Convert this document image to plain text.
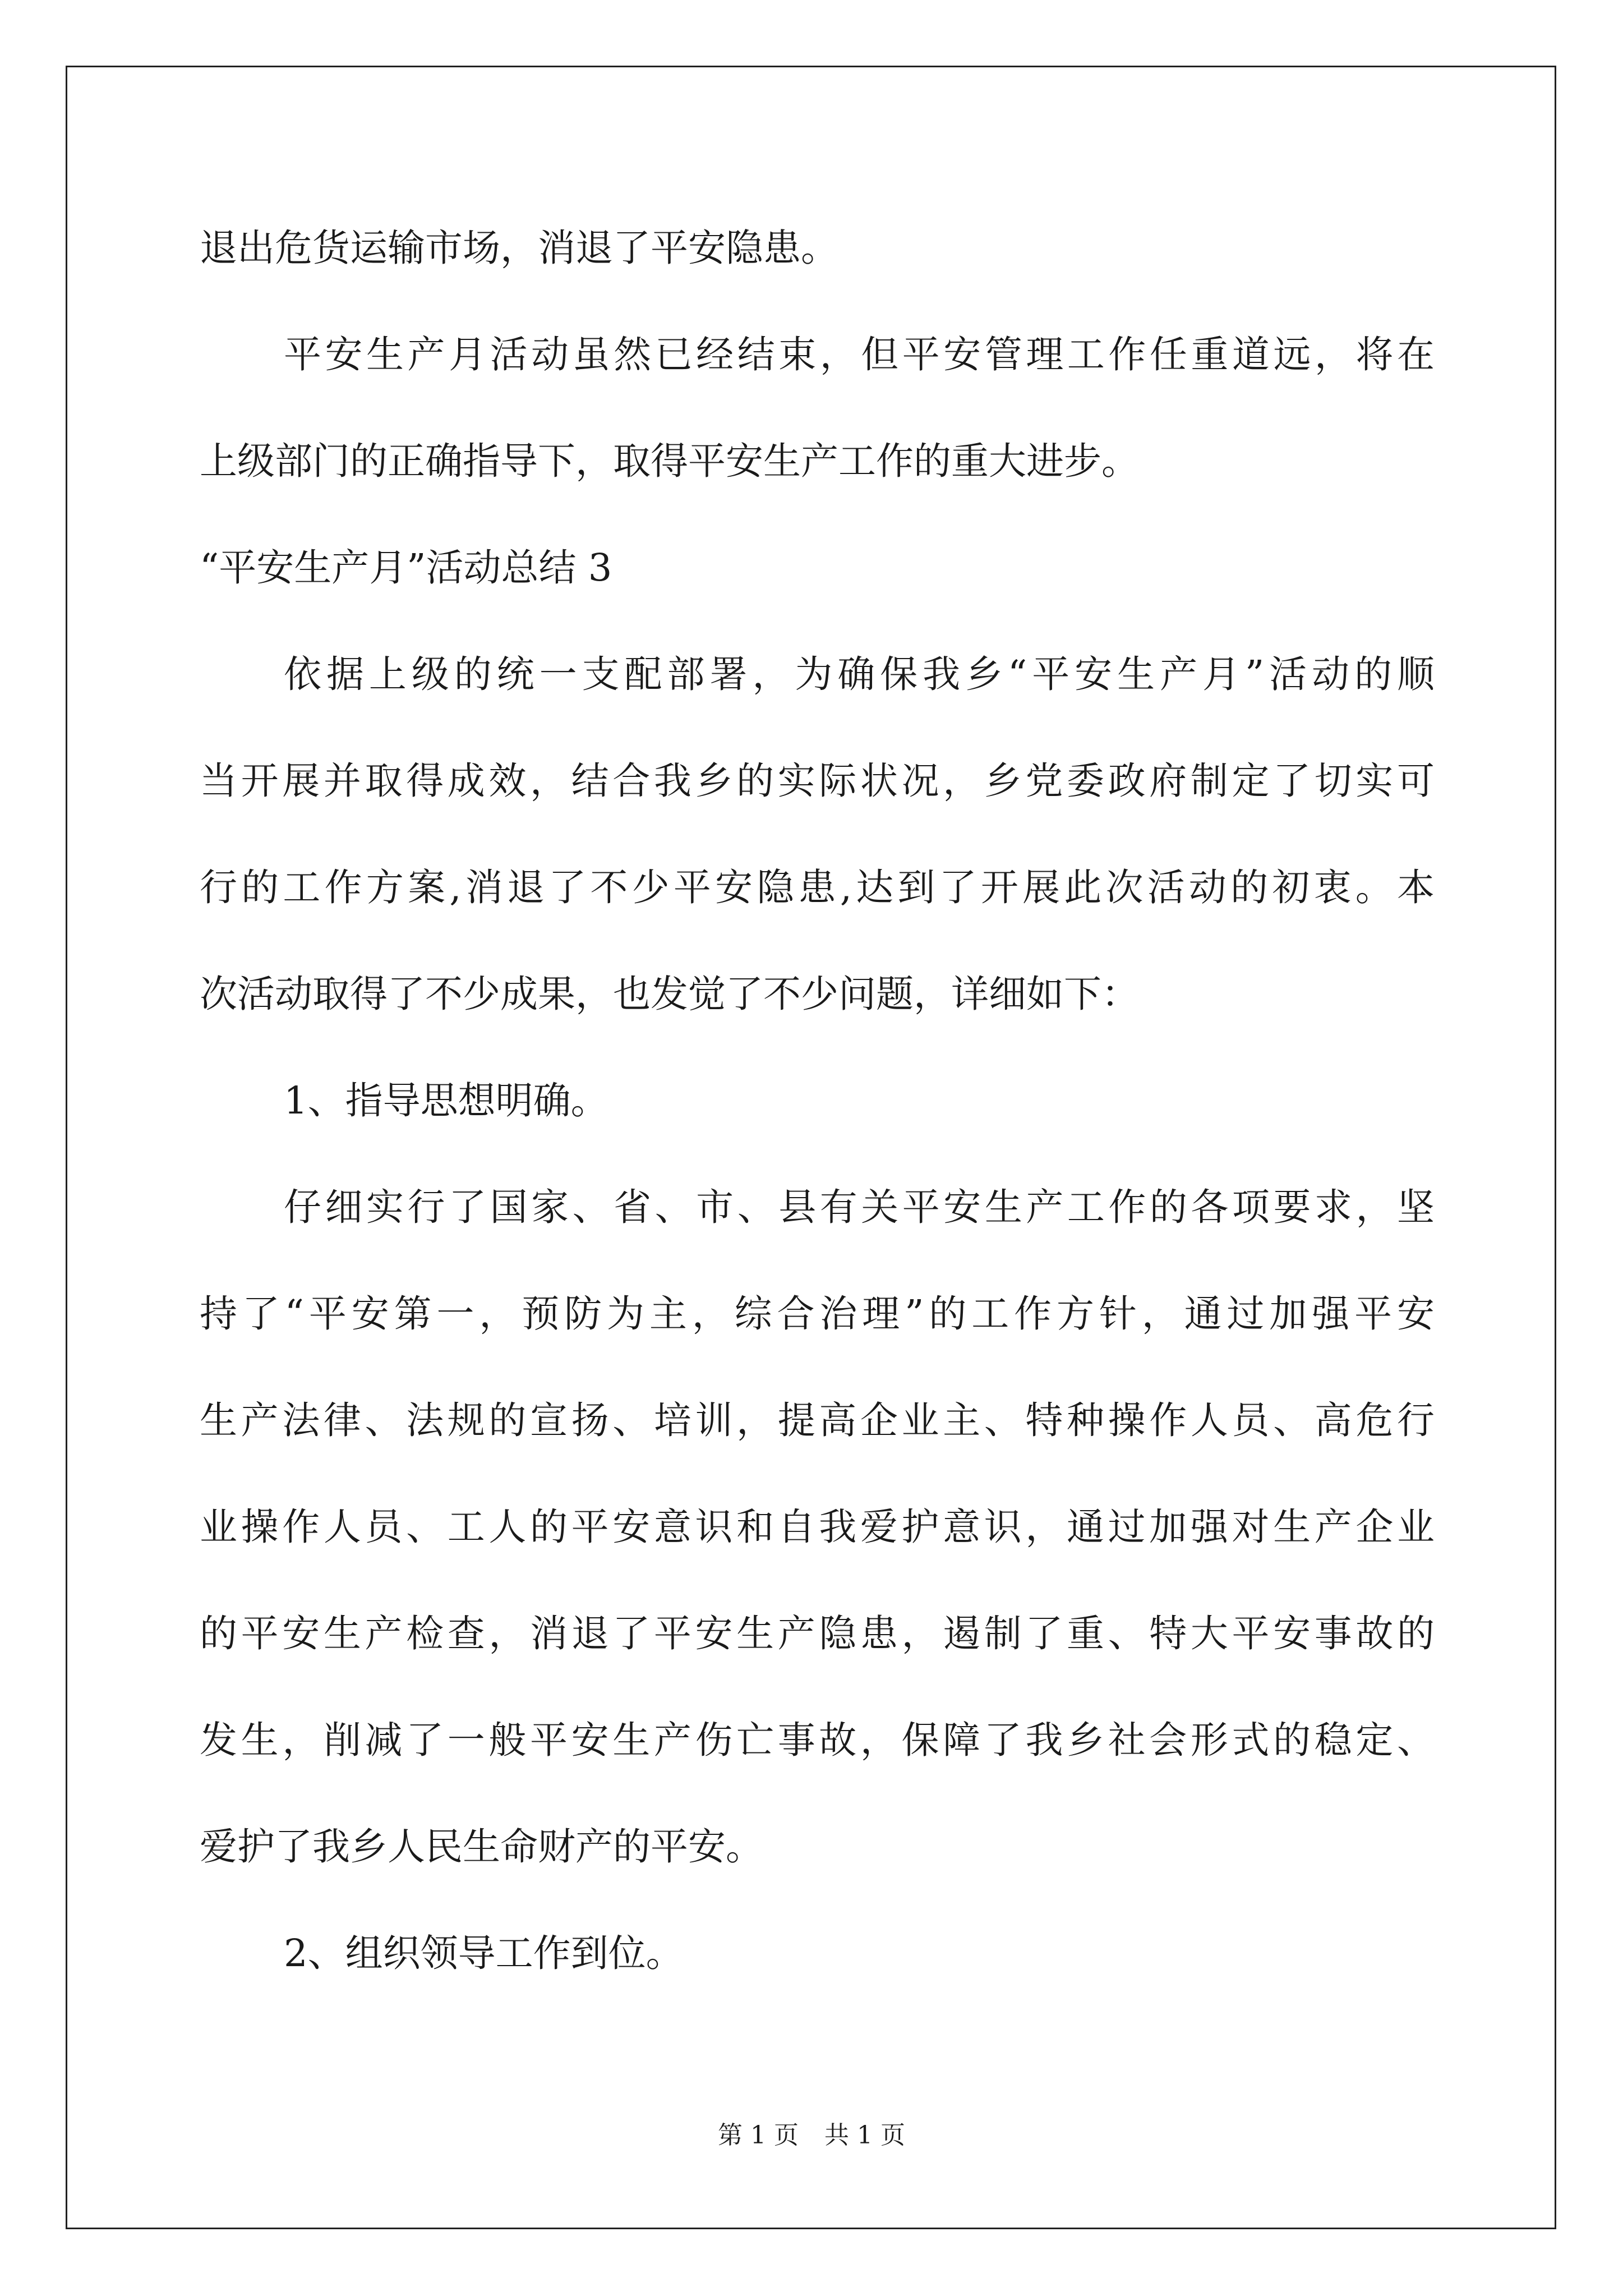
退出危货运输市场，消退了平安隐患。
平安生产月活动虽然已经结束，但平安管理工作任重道远，将在
上级部门的正确指导下，取得平安生产工作的重大进步。
“平安生产月”活动总结 3
依据上级的统一支配部署，为确保我乡“平安生产月”活动的顺
当开展并取得成效，结合我乡的实际状况，乡党委政府制定了切实可
行的工作方案,消退了不少平安隐患,达到了开展此次活动的初衷。本
次活动取得了不少成果，也发觉了不少问题，详细如下：
1、指导思想明确。
仔细实行了国家、省、市、县有关平安生产工作的各项要求，坚
持了“平安第一，预防为主，综合治理”的工作方针，通过加强平安
生产法律、法规的宣扬、培训，提高企业主、特种操作人员、高危行
业操作人员、工人的平安意识和自我爱护意识，通过加强对生产企业
的平安生产检查，消退了平安生产隐患，遏制了重、特大平安事故的
发生，削减了一般平安生产伤亡事故，保障了我乡社会形式的稳定、
爱护了我乡人民生命财产的平安。
2、组织领导工作到位。
第 1 页 共 1 页
